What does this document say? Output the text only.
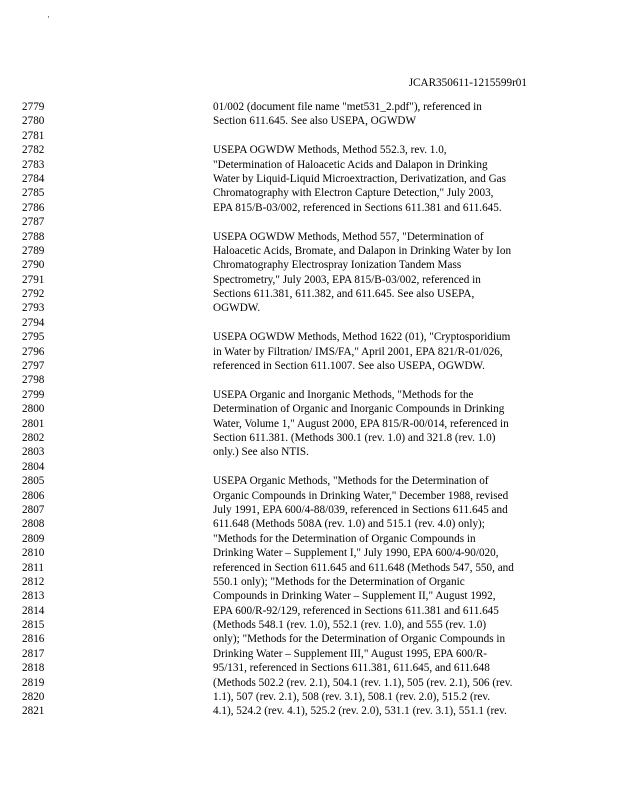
·
JCAR350611-1215599r01
2779	01/002 (document file name "met531_2.pdf"), referenced in
2780	Section 611.645. See also USEPA, OGWDW
2781
2782	USEPA OGWDW Methods, Method 552.3, rev. 1.0,
2783	"Determination of Haloacetic Acids and Dalapon in Drinking
2784	Water by Liquid-Liquid Microextraction, Derivatization, and Gas
2785	Chromatography with Electron Capture Detection," July 2003,
2786	EPA 815/B-03/002, referenced in Sections 611.381 and 611.645.
2787
2788	USEPA OGWDW Methods, Method 557, "Determination of
2789	Haloacetic Acids, Bromate, and Dalapon in Drinking Water by Ion
2790	Chromatography Electrospray Ionization Tandem Mass
2791	Spectrometry," July 2003, EPA 815/B-03/002, referenced in
2792	Sections 611.381, 611.382, and 611.645. See also USEPA,
2793	OGWDW.
2794
2795	USEPA OGWDW Methods, Method 1622 (01), "Cryptosporidium
2796	in Water by Filtration/ IMS/FA," April 2001, EPA 821/R-01/026,
2797	referenced in Section 611.1007. See also USEPA, OGWDW.
2798
2799	USEPA Organic and Inorganic Methods, "Methods for the
2800	Determination of Organic and Inorganic Compounds in Drinking
2801	Water, Volume 1," August 2000, EPA 815/R-00/014, referenced in
2802	Section 611.381. (Methods 300.1 (rev. 1.0) and 321.8 (rev. 1.0)
2803	only.) See also NTIS.
2804
2805	USEPA Organic Methods, "Methods for the Determination of
2806	Organic Compounds in Drinking Water," December 1988, revised
2807	July 1991, EPA 600/4-88/039, referenced in Sections 611.645 and
2808	611.648 (Methods 508A (rev. 1.0) and 515.1 (rev. 4.0) only);
2809	"Methods for the Determination of Organic Compounds in
2810	Drinking Water – Supplement I," July 1990, EPA 600/4-90/020,
2811	referenced in Section 611.645 and 611.648 (Methods 547, 550, and
2812	550.1 only); "Methods for the Determination of Organic
2813	Compounds in Drinking Water – Supplement II," August 1992,
2814	EPA 600/R-92/129, referenced in Sections 611.381 and 611.645
2815	(Methods 548.1 (rev. 1.0), 552.1 (rev. 1.0), and 555 (rev. 1.0)
2816	only); "Methods for the Determination of Organic Compounds in
2817	Drinking Water – Supplement III," August 1995, EPA 600/R-
2818	95/131, referenced in Sections 611.381, 611.645, and 611.648
2819	(Methods 502.2 (rev. 2.1), 504.1 (rev. 1.1), 505 (rev. 2.1), 506 (rev.
2820	1.1), 507 (rev. 2.1), 508 (rev. 3.1), 508.1 (rev. 2.0), 515.2 (rev.
2821	4.1), 524.2 (rev. 4.1), 525.2 (rev. 2.0), 531.1 (rev. 3.1), 551.1 (rev.
